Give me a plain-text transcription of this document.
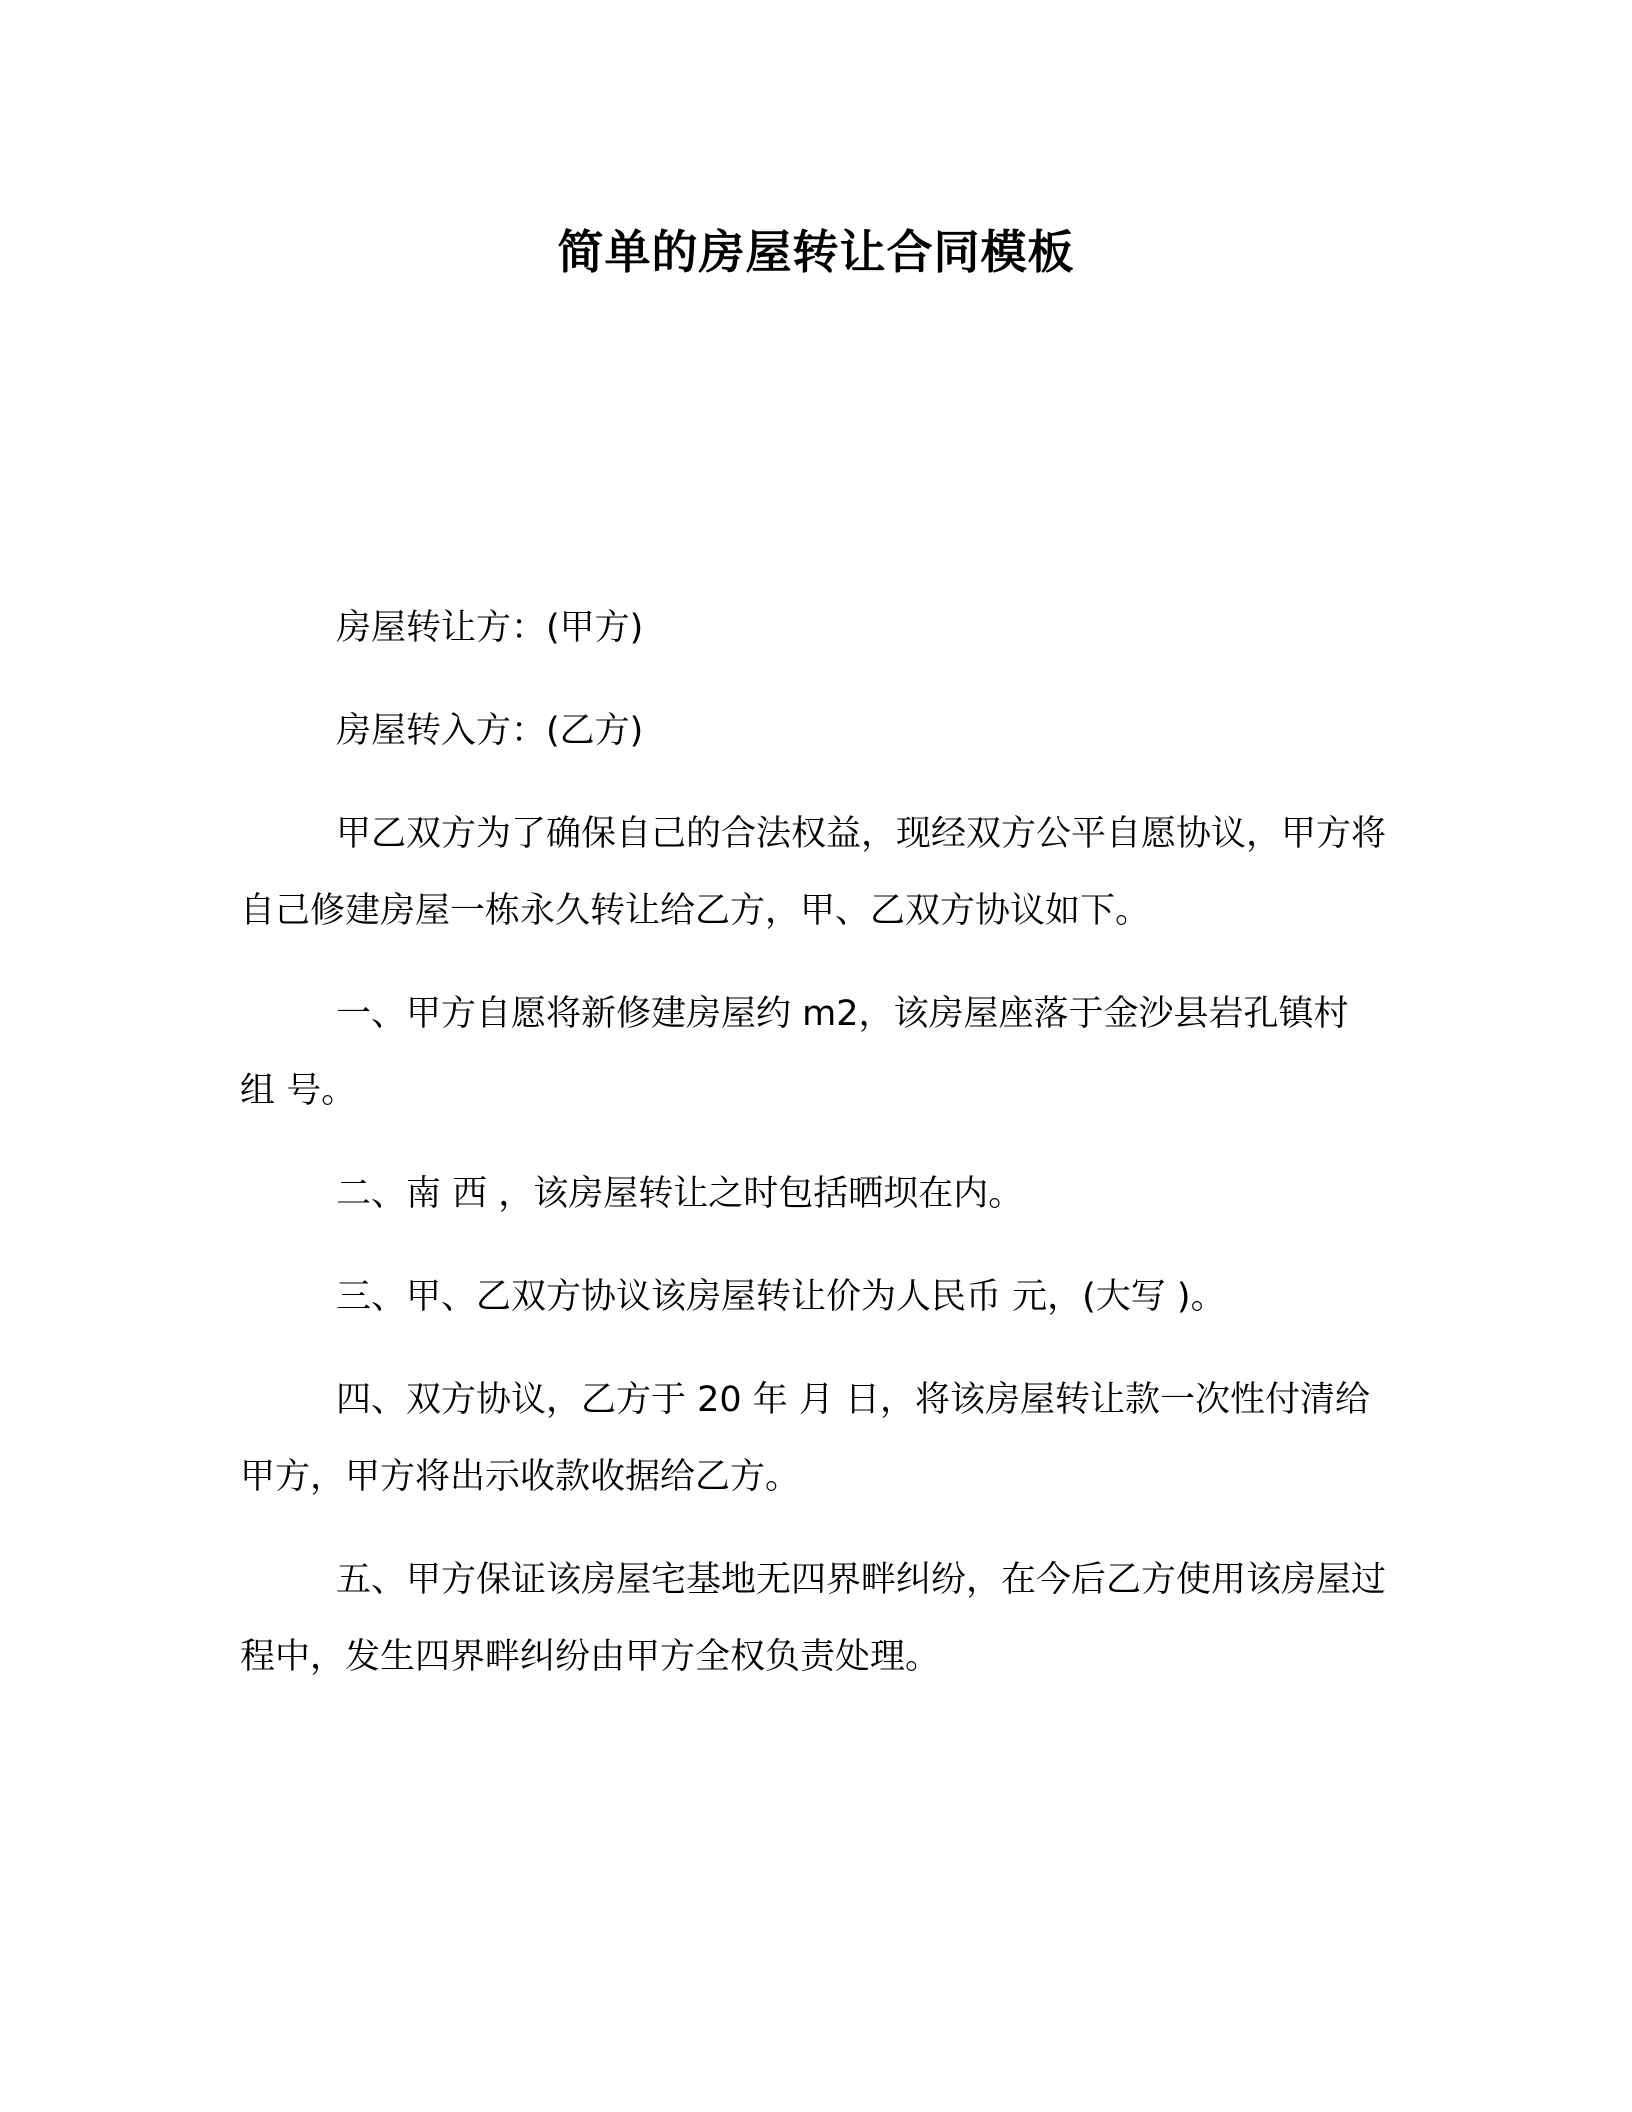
简单的房屋转让合同模板

房屋转让方：(甲方)

房屋转入方：(乙方)

甲乙双方为了确保自己的合法权益，现经双方公平自愿协议，甲方将自己修建房屋一栋永久转让给乙方，甲、乙双方协议如下。

一、甲方自愿将新修建房屋约 m2，该房屋座落于金沙县岩孔镇村 组 号。

二、南 西 ，该房屋转让之时包括晒坝在内。

三、甲、乙双方协议该房屋转让价为人民币 元，(大写 )。

四、双方协议，乙方于 20 年 月 日，将该房屋转让款一次性付清给甲方，甲方将出示收款收据给乙方。

五、甲方保证该房屋宅基地无四界畔纠纷，在今后乙方使用该房屋过程中，发生四界畔纠纷由甲方全权负责处理。
